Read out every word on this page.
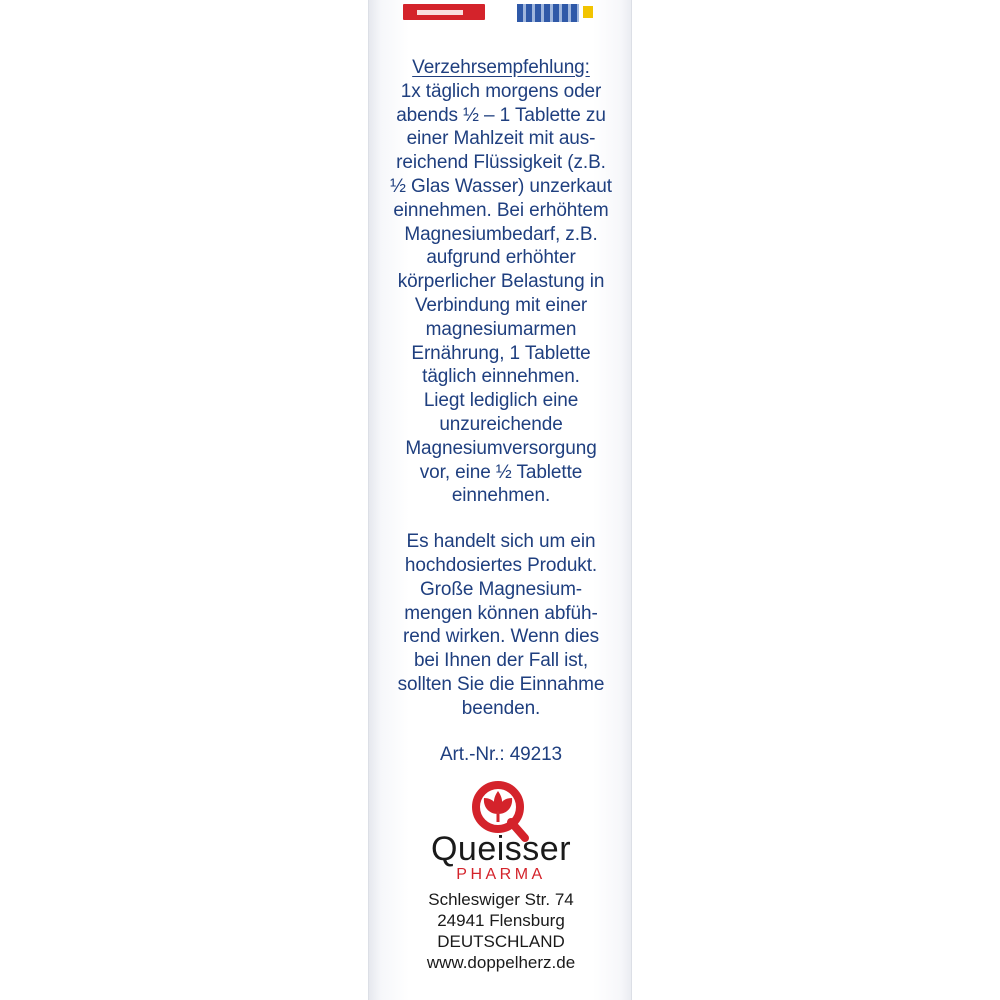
Verzehrsempfehlung:
1x täglich morgens oder
abends ½ – 1 Tablette zu
einer Mahlzeit mit aus-
reichend Flüssigkeit (z.B.
½ Glas Wasser) unzerkaut
einnehmen. Bei erhöhtem
Magnesiumbedarf, z.B.
aufgrund erhöhter
körperlicher Belastung in
Verbindung mit einer
magnesiumarmen
Ernährung, 1 Tablette
täglich einnehmen.
Liegt lediglich eine
unzureichende
Magnesiumversorgung
vor, eine ½ Tablette
einnehmen.
Es handelt sich um ein
hochdosiertes Produkt.
Große Magnesium-
mengen können abfüh-
rend wirken. Wenn dies
bei Ihnen der Fall ist,
sollten Sie die Einnahme
beenden.
Art.-Nr.: 49213
Queisser
PHARMA
Schleswiger Str. 74
24941 Flensburg
DEUTSCHLAND
www.doppelherz.de
